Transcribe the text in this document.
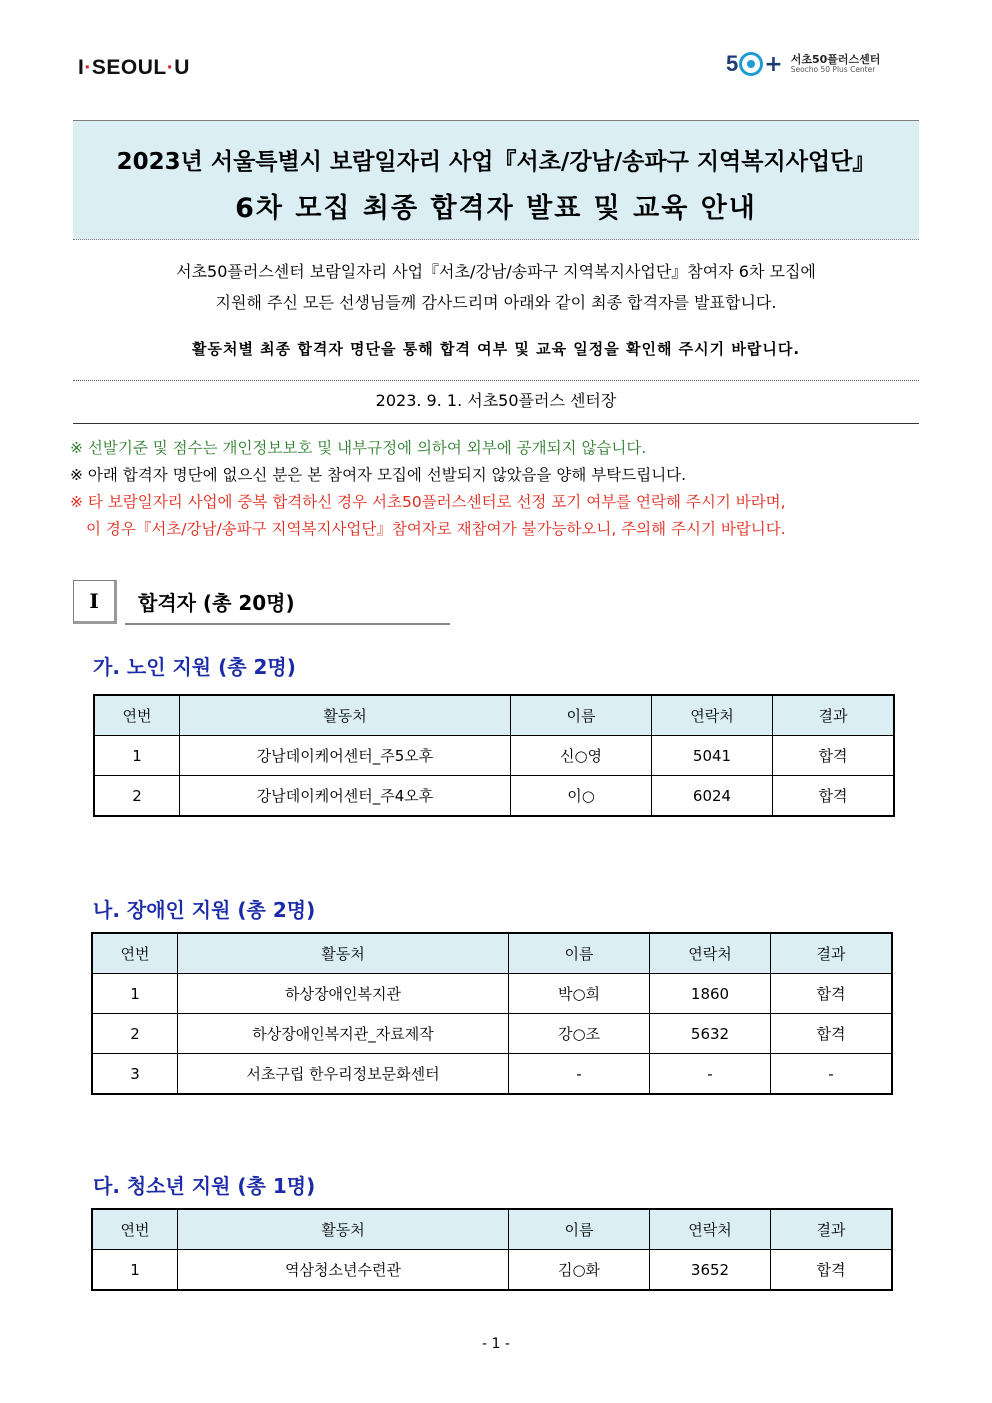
I·SEOUL·U	5 + 서초50플러스센터
Seocho 50 Plus Center
2023년 서울특별시 보람일자리 사업『서초/강남/송파구 지역복지사업단』
6차 모집 최종 합격자 발표 및 교육 안내
서초50플러스센터 보람일자리 사업『서초/강남/송파구 지역복지사업단』참여자 6차 모집에
지원해 주신 모든 선생님들께 감사드리며 아래와 같이 최종 합격자를 발표합니다.
활동처별 최종 합격자 명단을 통해 합격 여부 및 교육 일정을 확인해 주시기 바랍니다.
2023. 9. 1. 서초50플러스 센터장
※ 선발기준 및 점수는 개인정보보호 및 내부규정에 의하여 외부에 공개되지 않습니다.
※ 아래 합격자 명단에 없으신 분은 본 참여자 모집에 선발되지 않았음을 양해 부탁드립니다.
※ 타 보람일자리 사업에 중복 합격하신 경우 서초50플러스센터로 선정 포기 여부를 연락해 주시기 바라며,
이 경우『서초/강남/송파구 지역복지사업단』참여자로 재참여가 불가능하오니, 주의해 주시기 바랍니다.
I	합격자 (총 20명)
가. 노인 지원 (총 2명)
연번	활동처	이름	연락처	결과
1	강남데이케어센터_주5오후	신○영	5041	합격
2	강남데이케어센터_주4오후	이○	6024	합격
나. 장애인 지원 (총 2명)
연번	활동처	이름	연락처	결과
1	하상장애인복지관	박○희	1860	합격
2	하상장애인복지관_자료제작	강○조	5632	합격
3	서초구립 한우리정보문화센터	-	-	-
다. 청소년 지원 (총 1명)
연번	활동처	이름	연락처	결과
1	역삼청소년수련관	김○화	3652	합격
- 1 -
